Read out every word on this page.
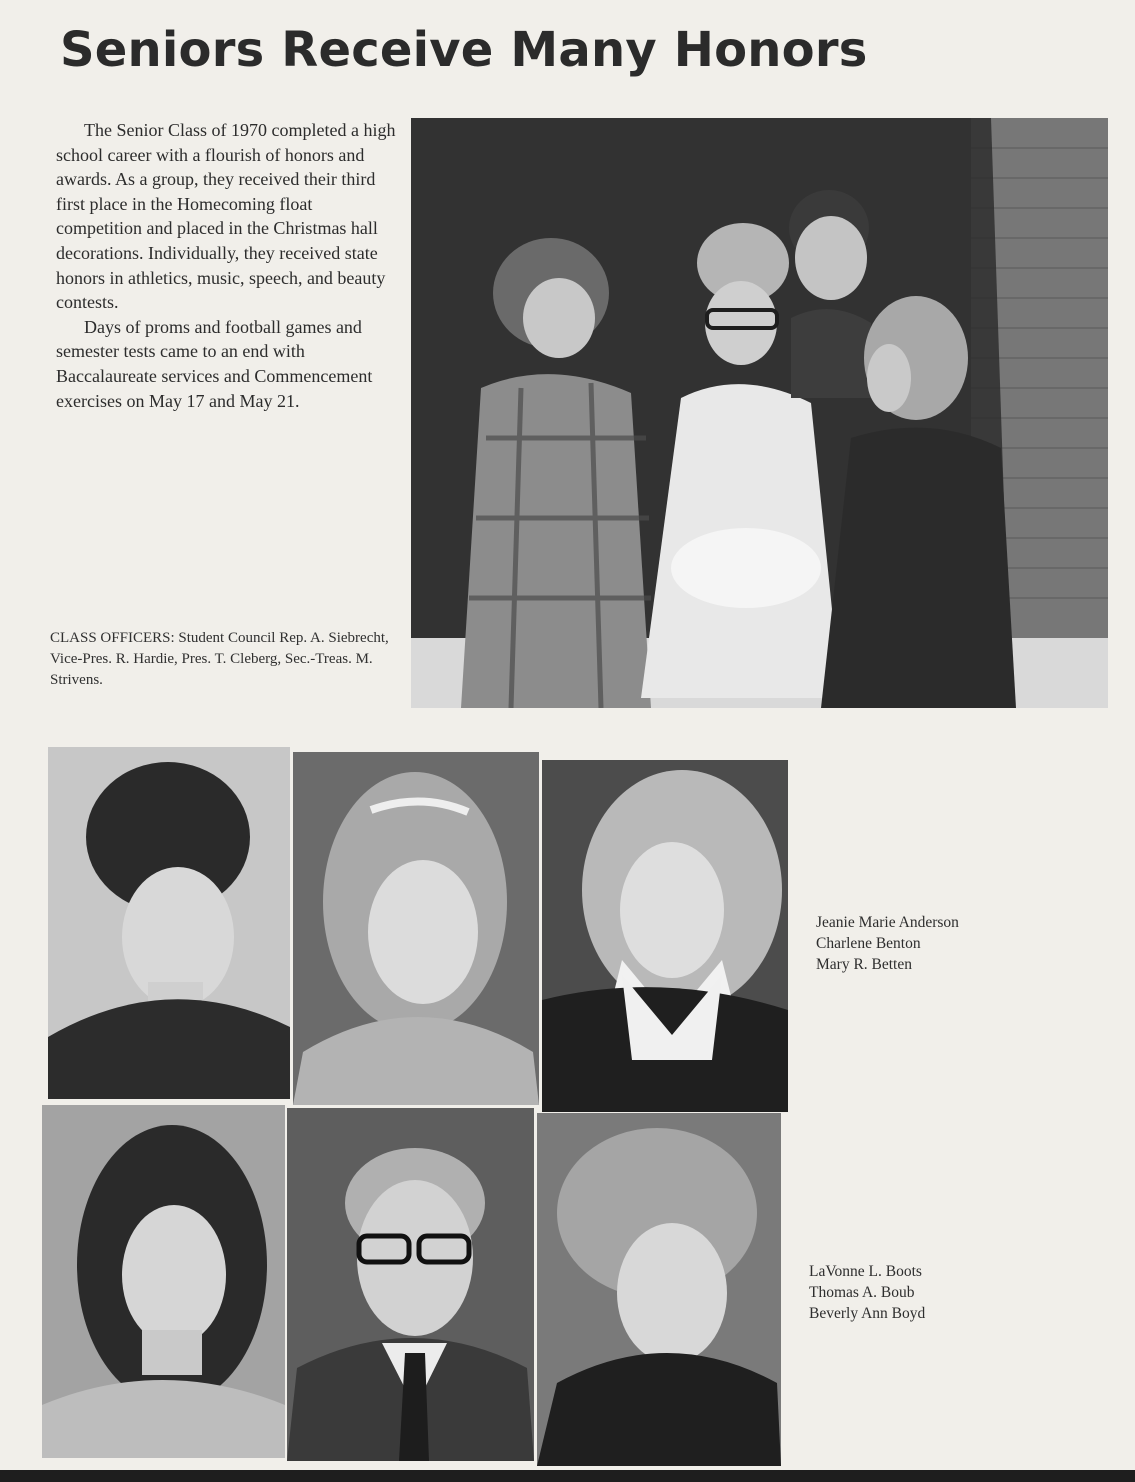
Seniors Receive Many Honors

The Senior Class of 1970 completed a high school career with a flourish of honors and awards. As a group, they received their third first place in the Homecoming float competition and placed in the Christmas hall decorations. Individually, they received state honors in athletics, music, speech, and beauty contests.

Days of proms and football games and semester tests came to an end with Baccalaureate services and Commencement exercises on May 17 and May 21.

CLASS OFFICERS: Student Council Rep. A. Siebrecht, Vice-Pres. R. Hardie, Pres. T. Cleberg, Sec.-Treas. M. Strivens.
Jeanie Marie Anderson
Charlene Benton
Mary R. Betten
LaVonne L. Boots
Thomas A. Boub
Beverly Ann Boyd
